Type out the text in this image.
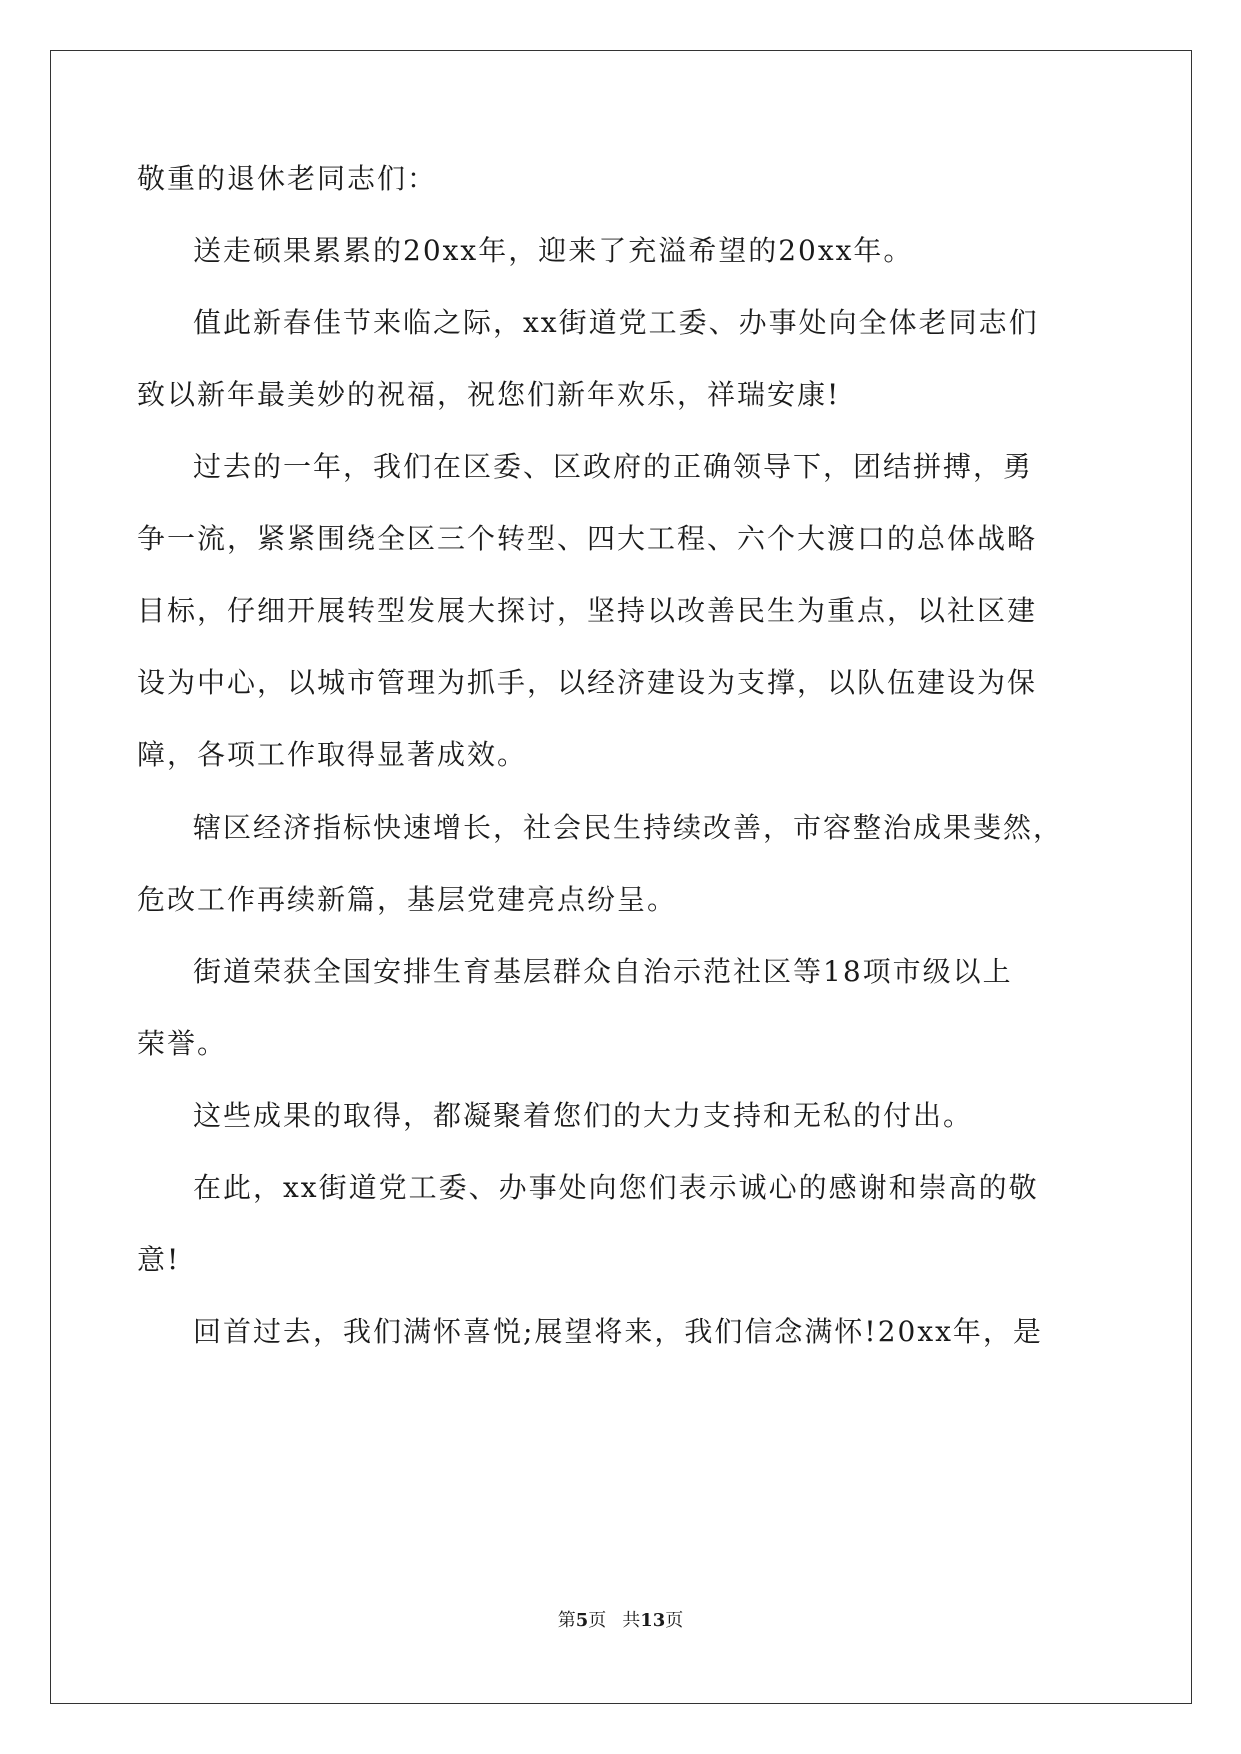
敬重的退休老同志们：
送走硕果累累的20xx年，迎来了充溢希望的20xx年。
值此新春佳节来临之际，xx街道党工委、办事处向全体老同志们
致以新年最美妙的祝福，祝您们新年欢乐，祥瑞安康!
过去的一年，我们在区委、区政府的正确领导下，团结拼搏，勇
争一流，紧紧围绕全区三个转型、四大工程、六个大渡口的总体战略
目标，仔细开展转型发展大探讨，坚持以改善民生为重点，以社区建
设为中心，以城市管理为抓手，以经济建设为支撑，以队伍建设为保
障，各项工作取得显著成效。
辖区经济指标快速增长，社会民生持续改善，市容整治成果斐然，
危改工作再续新篇，基层党建亮点纷呈。
街道荣获全国安排生育基层群众自治示范社区等18项市级以上
荣誉。
这些成果的取得，都凝聚着您们的大力支持和无私的付出。
在此，xx街道党工委、办事处向您们表示诚心的感谢和崇高的敬
意!
回首过去，我们满怀喜悦;展望将来，我们信念满怀!20xx年，是
第5页 共13页
